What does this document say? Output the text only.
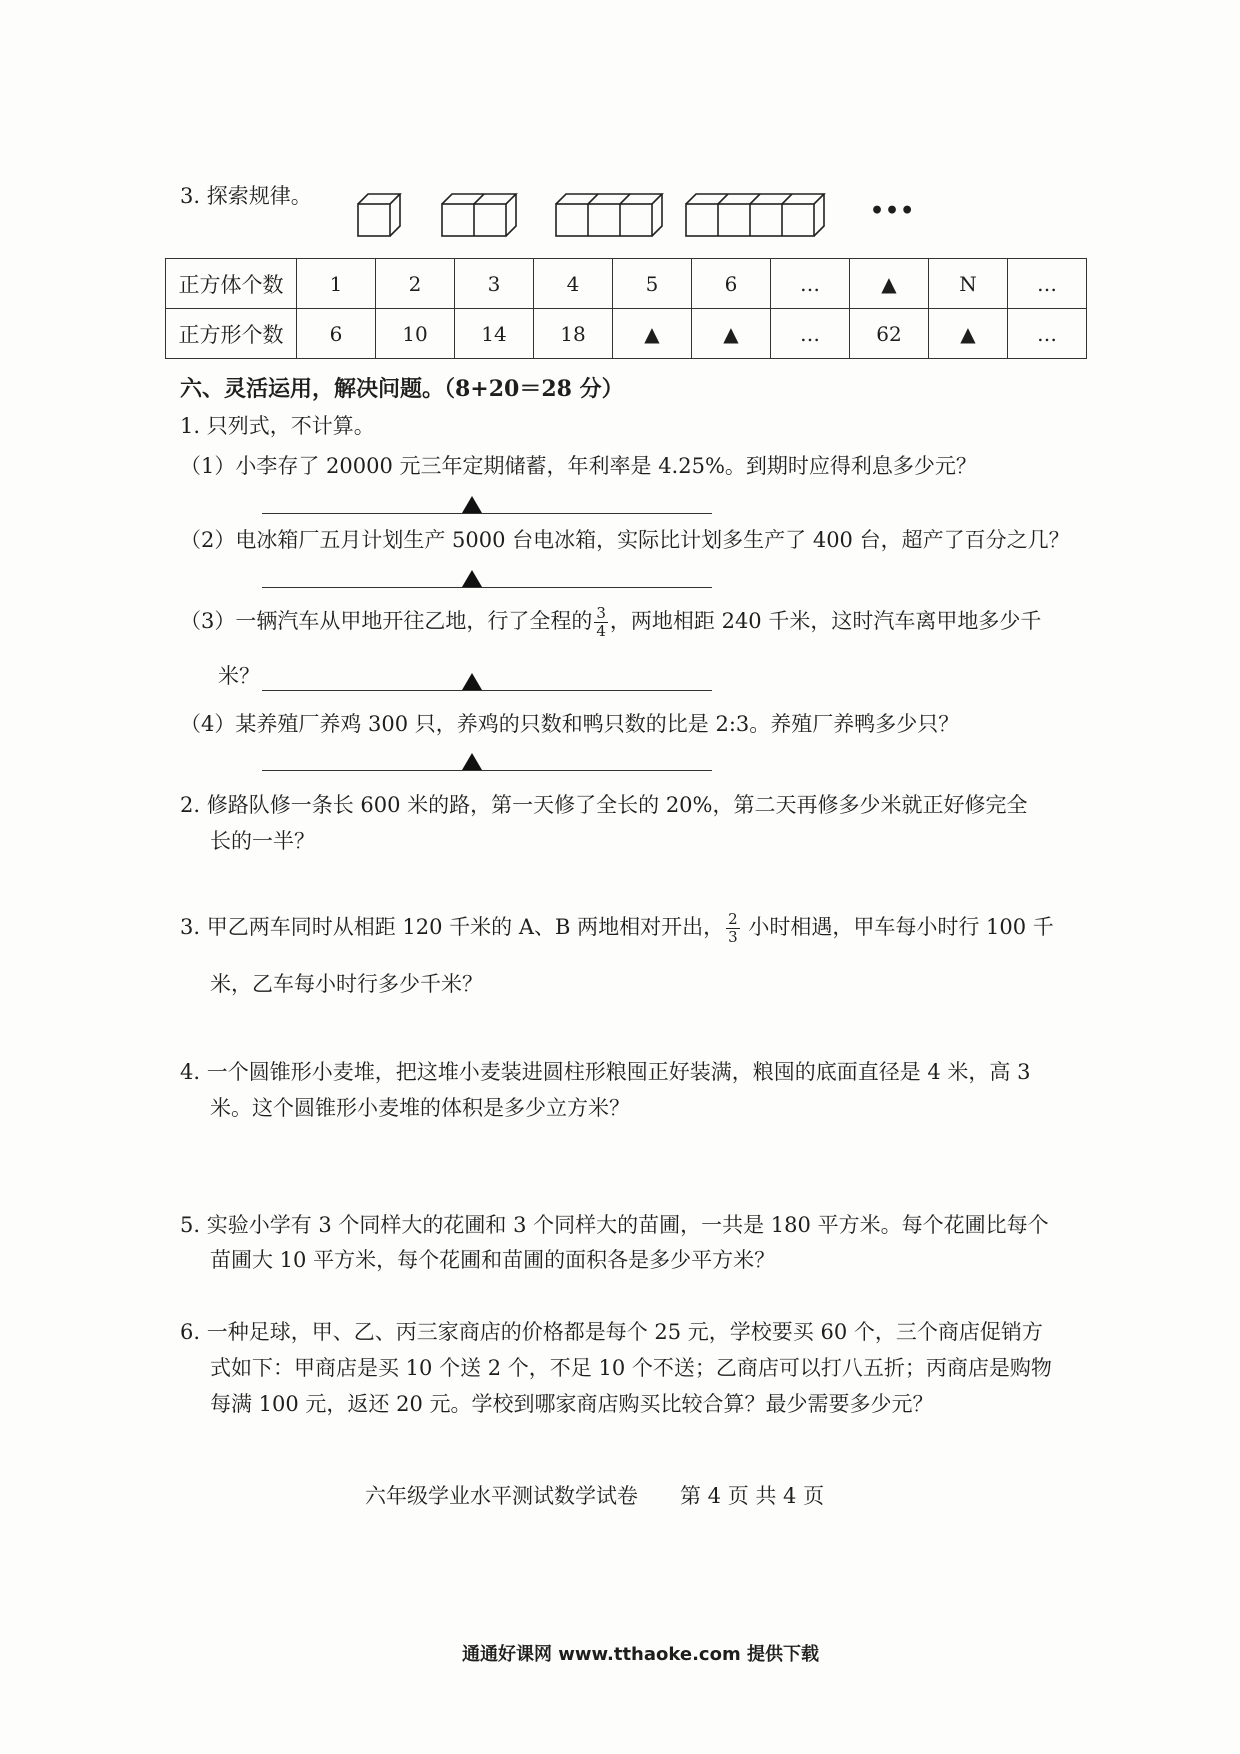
3. 探索规律。
•••
正方体个数	1	2	3	4	5	6	…	▲	N	…
正方形个数	6	10	14	18	▲	▲	…	62	▲	…
六、灵活运用，解决问题。（8+20＝28 分）
1. 只列式，不计算。
（1）小李存了 20000 元三年定期储蓄，年利率是 4.25%。到期时应得利息多少元？
（2）电冰箱厂五月计划生产 5000 台电冰箱，实际比计划多生产了 400 台，超产了百分之几？
（3）一辆汽车从甲地开往乙地，行了全程的 $\frac{3}{4}$ ，两地相距 240 千米，这时汽车离甲地多少千
米？
（4）某养殖厂养鸡 300 只，养鸡的只数和鸭只数的比是 2:3。养殖厂养鸭多少只？
2. 修路队修一条长 600 米的路，第一天修了全长的 20%，第二天再修多少米就正好修完全
长的一半？
3. 甲乙两车同时从相距 120 千米的 A、B 两地相对开出， $\frac{2}{3}$ 小时相遇，甲车每小时行 100 千
米，乙车每小时行多少千米？
4. 一个圆锥形小麦堆，把这堆小麦装进圆柱形粮囤正好装满，粮囤的底面直径是 4 米，高 3
米。这个圆锥形小麦堆的体积是多少立方米？
5. 实验小学有 3 个同样大的花圃和 3 个同样大的苗圃，一共是 180 平方米。每个花圃比每个
苗圃大 10 平方米，每个花圃和苗圃的面积各是多少平方米？
6. 一种足球，甲、乙、丙三家商店的价格都是每个 25 元，学校要买 60 个，三个商店促销方
式如下：甲商店是买 10 个送 2 个，不足 10 个不送；乙商店可以打八五折；丙商店是购物
每满 100 元，返还 20 元。学校到哪家商店购买比较合算？最少需要多少元？
六年级学业水平测试数学试卷　　第 4 页 共 4 页
通通好课网 www.tthaoke.com 提供下载
